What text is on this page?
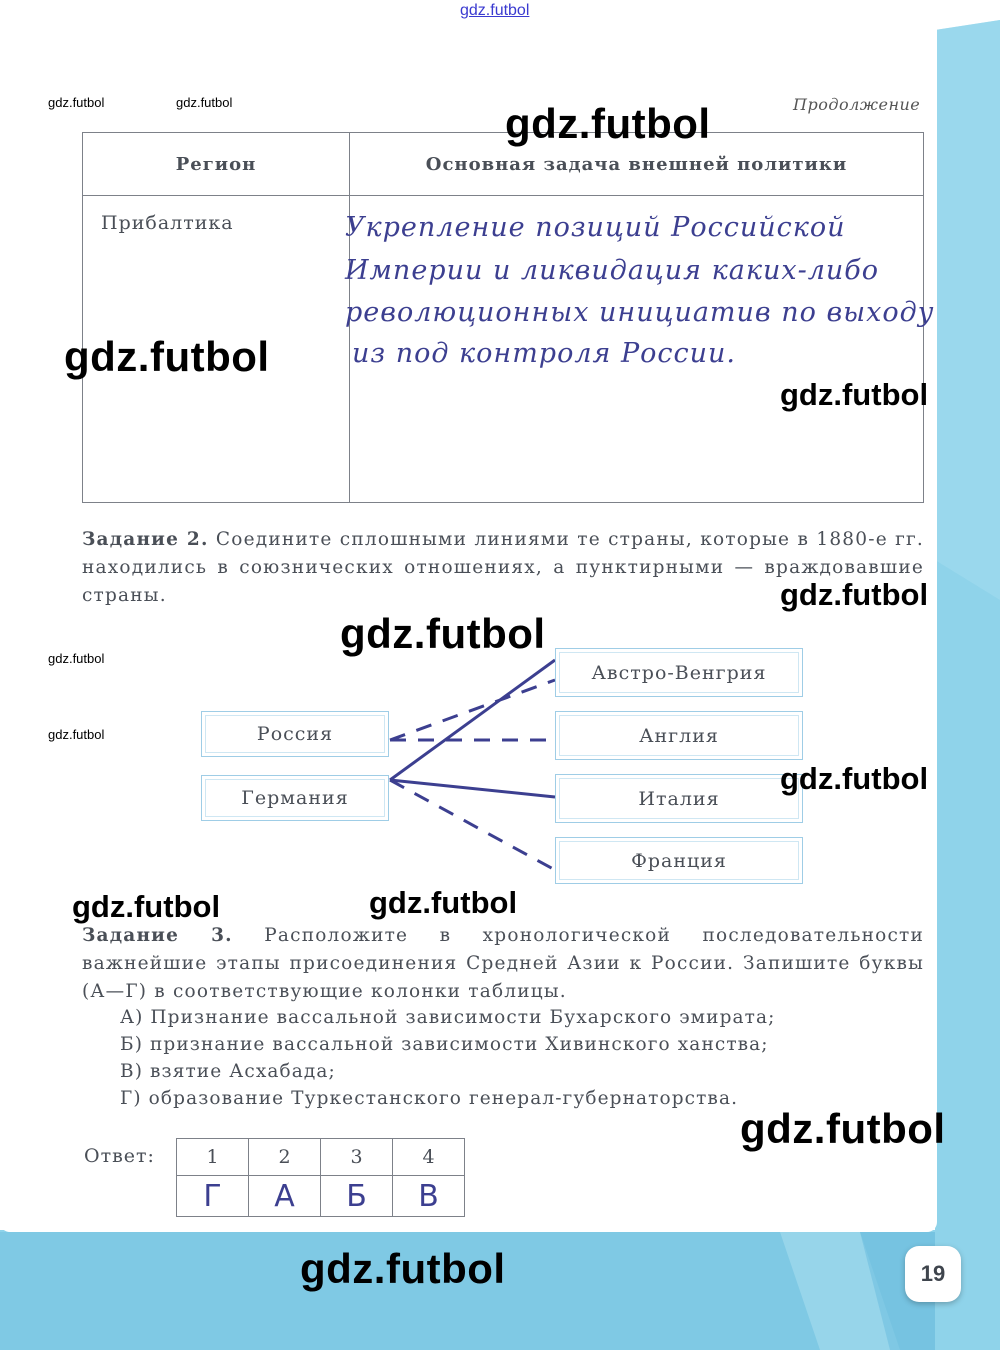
gdz.futbol
gdz.futbol	gdz.futbol
gdz.futbol
gdz.futbol
Продолжение
Регион	Основная задача внешней политики
Прибалтика		Укрепление позиций Российской
Империи и ликвидация каких-либо
революционных инициатив по выходу
из под контроля России.
Задание 2. Соедините сплошными линиями те страны, которые в 1880-е гг. находились в союзнических отношениях, а пунктирными — враждовавшие страны.
Россия
Германия
Австро-Венгрия
Англия
Италия
Франция
Задание 3. Расположите в хронологической последовательности важнейшие этапы присоединения Средней Азии к России. Запишите буквы (А—Г) в соответствующие колонки таблицы.
А) Признание вассальной зависимости Бухарского эмирата;
Б) признание вассальной зависимости Хивинского ханства;
В) взятие Асхабада;
Г) образование Туркестанского генерал-губернаторства.
Ответ:	1	2	3	4
Г	А	Б	В
19
gdz.futbol
gdz.futbol
gdz.futbol
gdz.futbol
gdz.futbol
gdz.futbol
gdz.futbol	gdz.futbol
gdz.futbol
gdz.futbol
